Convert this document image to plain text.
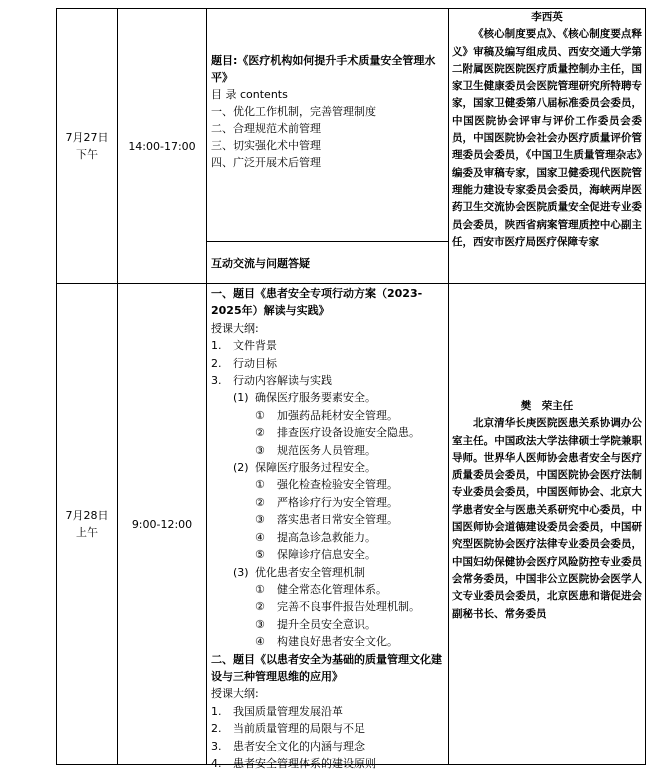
7月27日
下午
14:00-17:00
题目:《医疗机构如何提升手术质量安全管理水平》
目 录 contents
一、优化工作机制，完善管理制度
二、合理规范术前管理
三、切实强化术中管理
四、广泛开展术后管理
互动交流与问题答疑
李西英
《核心制度要点》、《核心制度要点释义》审稿及编写组成员、西安交通大学第二附属医院医院医疗质量控制办主任，国家卫生健康委员会医院管理研究所特聘专家，国家卫健委第八届标准委员会委员，中国医院协会评审与评价工作委员会委员，中国医院协会社会办医疗质量评价管理委员会委员，《中国卫生质量管理杂志》编委及审稿专家，国家卫健委现代医院管理能力建设专家委员会委员，海峡两岸医药卫生交流协会医院质量安全促进专业委员会委员，陕西省病案管理质控中心副主任，西安市医疗局医疗保障专家
7月28日
上午
9:00-12:00
一、题目《患者安全专项行动方案（2023-2025年）解读与实践》
授课大纲:
1. 文件背景
2. 行动目标
3. 行动内容解读与实践
(1) 确保医疗服务要素安全。
① 加强药品耗材安全管理。
② 排查医疗设备设施安全隐患。
③ 规范医务人员管理。
(2) 保障医疗服务过程安全。
① 强化检查检验安全管理。
② 严格诊疗行为安全管理。
③ 落实患者日常安全管理。
④ 提高急诊急救能力。
⑤ 保障诊疗信息安全。
(3) 优化患者安全管理机制
① 健全常态化管理体系。
② 完善不良事件报告处理机制。
③ 提升全员安全意识。
④ 构建良好患者安全文化。
二、题目《以患者安全为基础的质量管理文化建设与三种管理思维的应用》
授课大纲:
1. 我国质量管理发展沿革
2. 当前质量管理的局限与不足
3. 患者安全文化的内涵与理念
4. 患者安全管理体系的建设原则
樊　荣主任
北京清华长庚医院医患关系协调办公室主任。中国政法大学法律硕士学院兼职导师。世界华人医师协会患者安全与医疗质量委员会委员，中国医院协会医疗法制专业委员会委员，中国医师协会、北京大学患者安全与医患关系研究中心委员，中国医师协会道德建设委员会委员，中国研究型医院协会医疗法律专业委员会委员，中国妇幼保健协会医疗风险防控专业委员会常务委员，中国非公立医院协会医学人文专业委员会委员，北京医患和谐促进会副秘书长、常务委员
